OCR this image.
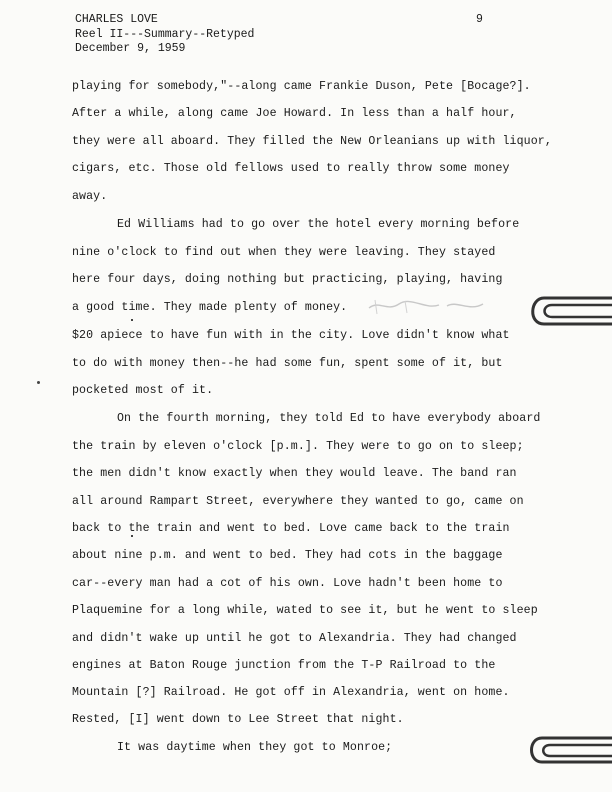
CHARLES LOVE
Reel II---Summary--Retyped
December 9, 1959
9
playing for somebody,"--along came Frankie Duson, Pete [Bocage?].
After a while, along came Joe Howard. In less than a half hour,
they were all aboard. They filled the New Orleanians up with liquor,
cigars, etc. Those old fellows used to really throw some money
away.
Ed Williams had to go over the hotel every morning before
nine o'clock to find out when they were leaving. They stayed
here four days, doing nothing but practicing, playing, having
a good time. They made plenty of money.
$20 apiece to have fun with in the city. Love didn't know what
to do with money then--he had some fun, spent some of it, but
pocketed most of it.
On the fourth morning, they told Ed to have everybody aboard
the train by eleven o'clock [p.m.]. They were to go on to sleep;
the men didn't know exactly when they would leave. The band ran
all around Rampart Street, everywhere they wanted to go, came on
back to the train and went to bed. Love came back to the train
about nine p.m. and went to bed. They had cots in the baggage
car--every man had a cot of his own. Love hadn't been home to
Plaquemine for a long while, wated to see it, but he went to sleep
and didn't wake up until he got to Alexandria. They had changed
engines at Baton Rouge junction from the T-P Railroad to the
Mountain [?] Railroad. He got off in Alexandria, went on home.
Rested, [I] went down to Lee Street that night.
It was daytime when they got to Monroe;
